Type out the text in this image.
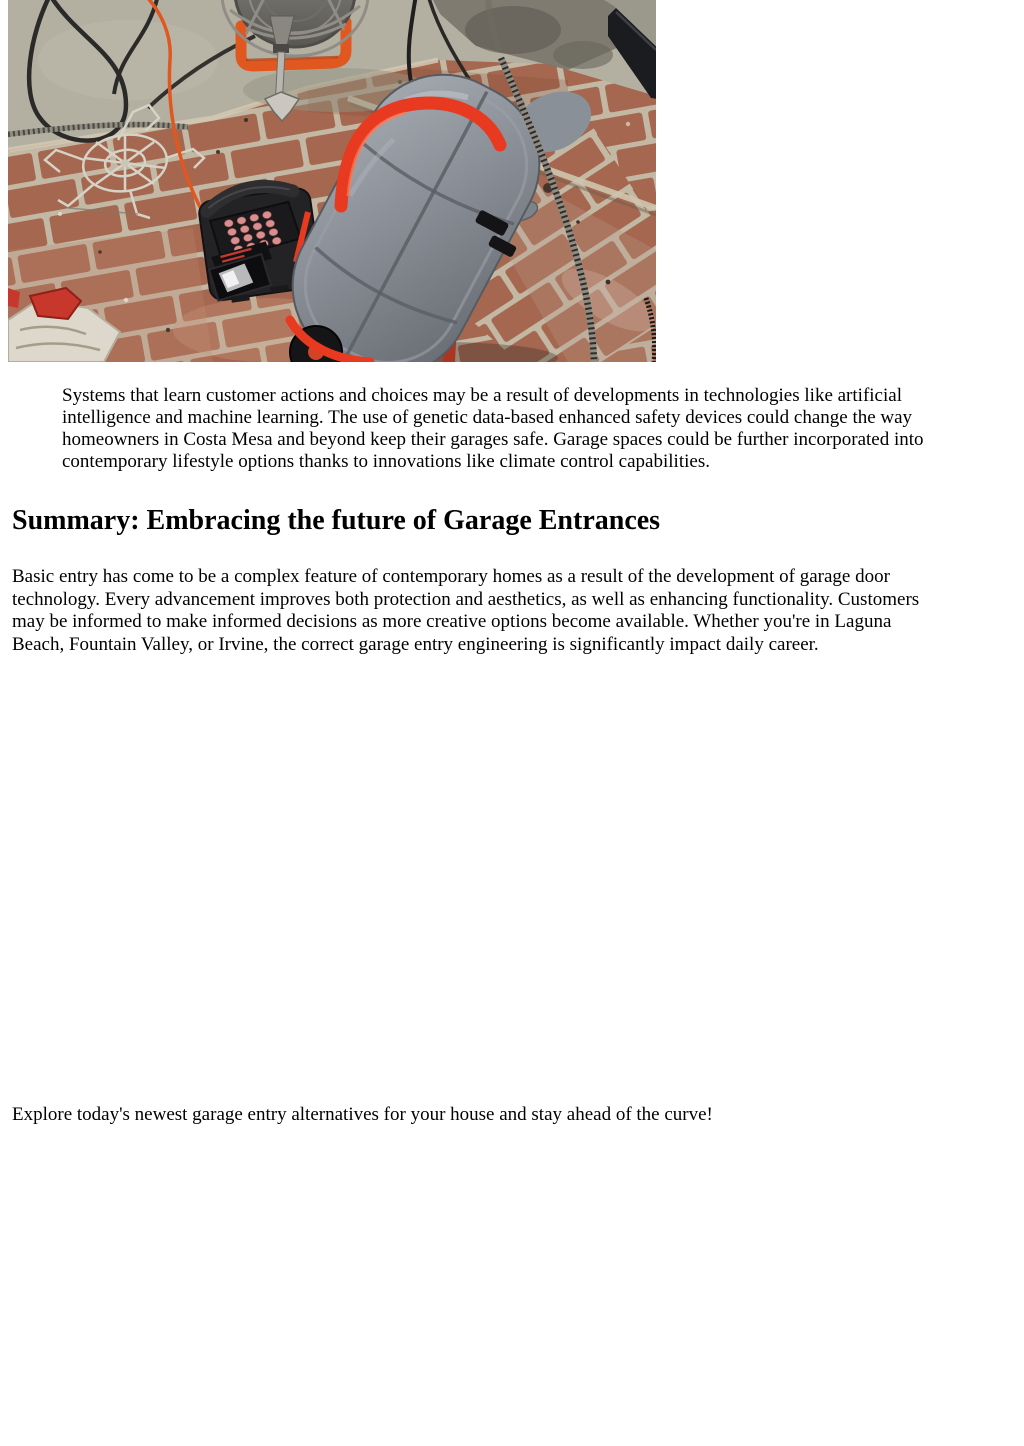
Systems that learn customer actions and choices may be a result of developments in technologies like artificial
intelligence and machine learning. The use of genetic data-based enhanced safety devices could change the way
homeowners in Costa Mesa and beyond keep their garages safe. Garage spaces could be further incorporated into
contemporary lifestyle options thanks to innovations like climate control capabilities.

Summary: Embracing the future of Garage Entrances

Basic entry has come to be a complex feature of contemporary homes as a result of the development of garage door
technology. Every advancement improves both protection and aesthetics, as well as enhancing functionality. Customers
may be informed to make informed decisions as more creative options become available. Whether you're in Laguna
Beach, Fountain Valley, or Irvine, the correct garage entry engineering is significantly impact daily career.

Explore today's newest garage entry alternatives for your house and stay ahead of the curve!
